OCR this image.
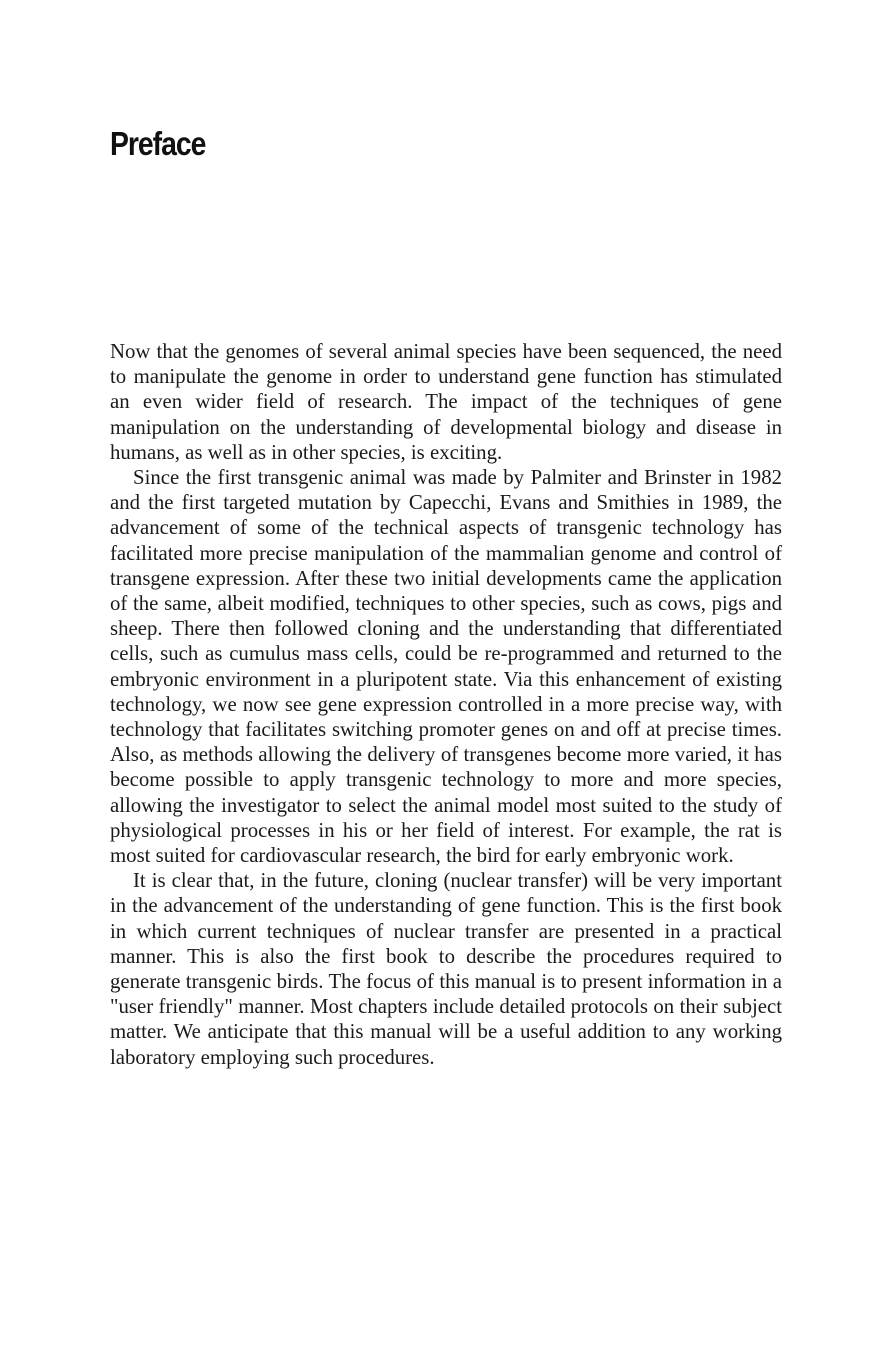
Preface

Now that the genomes of several animal species have been sequenced, the need to manipulate the genome in order to understand gene function has stimulated an even wider field of research. The impact of the techniques of gene manipulation on the understanding of developmental biology and disease in humans, as well as in other species, is exciting.

Since the first transgenic animal was made by Palmiter and Brinster in 1982 and the first targeted mutation by Capecchi, Evans and Smithies in 1989, the advancement of some of the technical aspects of transgenic technology has facilitated more precise manipulation of the mammalian genome and control of transgene expression. After these two initial developments came the application of the same, albeit modified, techniques to other species, such as cows, pigs and sheep. There then followed cloning and the understanding that differentiated cells, such as cumulus mass cells, could be re-programmed and returned to the embryonic environment in a pluripotent state. Via this enhancement of existing technology, we now see gene expression controlled in a more precise way, with technology that facilitates switching promoter genes on and off at precise times. Also, as methods allowing the delivery of transgenes become more varied, it has become possible to apply transgenic technology to more and more species, allowing the investigator to select the animal model most suited to the study of physiological processes in his or her field of interest. For example, the rat is most suited for cardiovascular research, the bird for early embryonic work.

It is clear that, in the future, cloning (nuclear transfer) will be very important in the advancement of the understanding of gene function. This is the first book in which current techniques of nuclear transfer are presented in a practical manner. This is also the first book to describe the procedures required to generate transgenic birds. The focus of this manual is to present information in a "user friendly" manner. Most chapters include detailed protocols on their subject matter. We anticipate that this manual will be a useful addition to any working laboratory employing such procedures.
